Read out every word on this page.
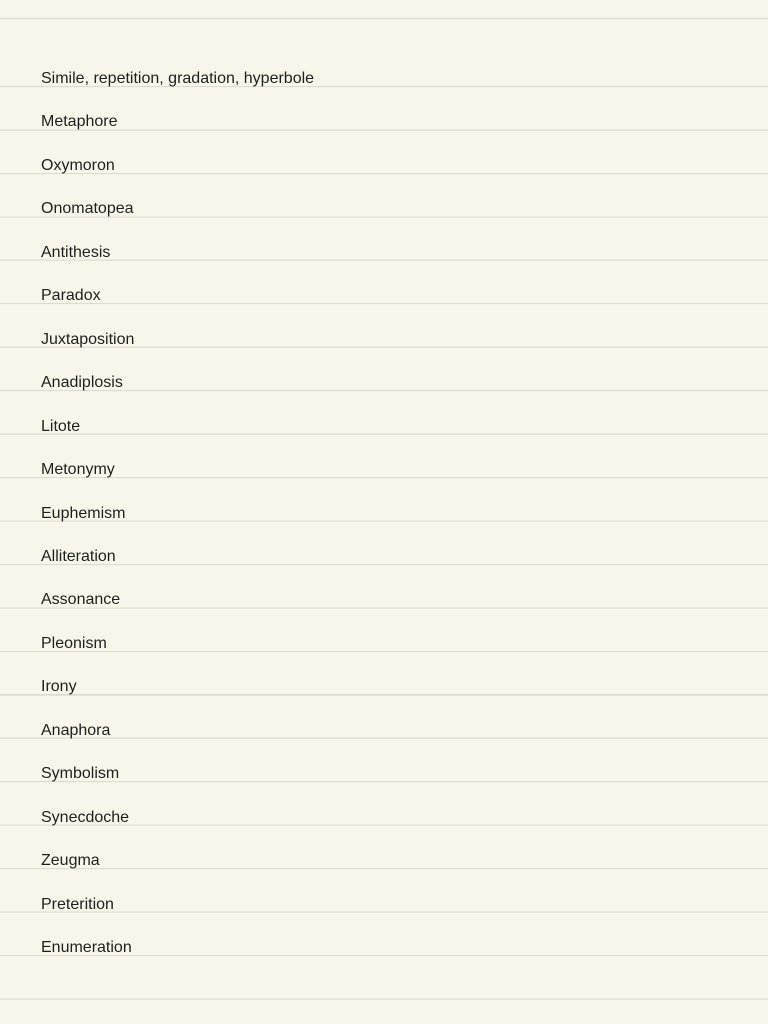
Simile, repetition, gradation, hyperbole
Metaphore
Oxymoron
Onomatopea
Antithesis
Paradox
Juxtaposition
Anadiplosis
Litote
Metonymy
Euphemism
Alliteration
Assonance
Pleonism
Irony
Anaphora
Symbolism
Synecdoche
Zeugma
Preterition
Enumeration
